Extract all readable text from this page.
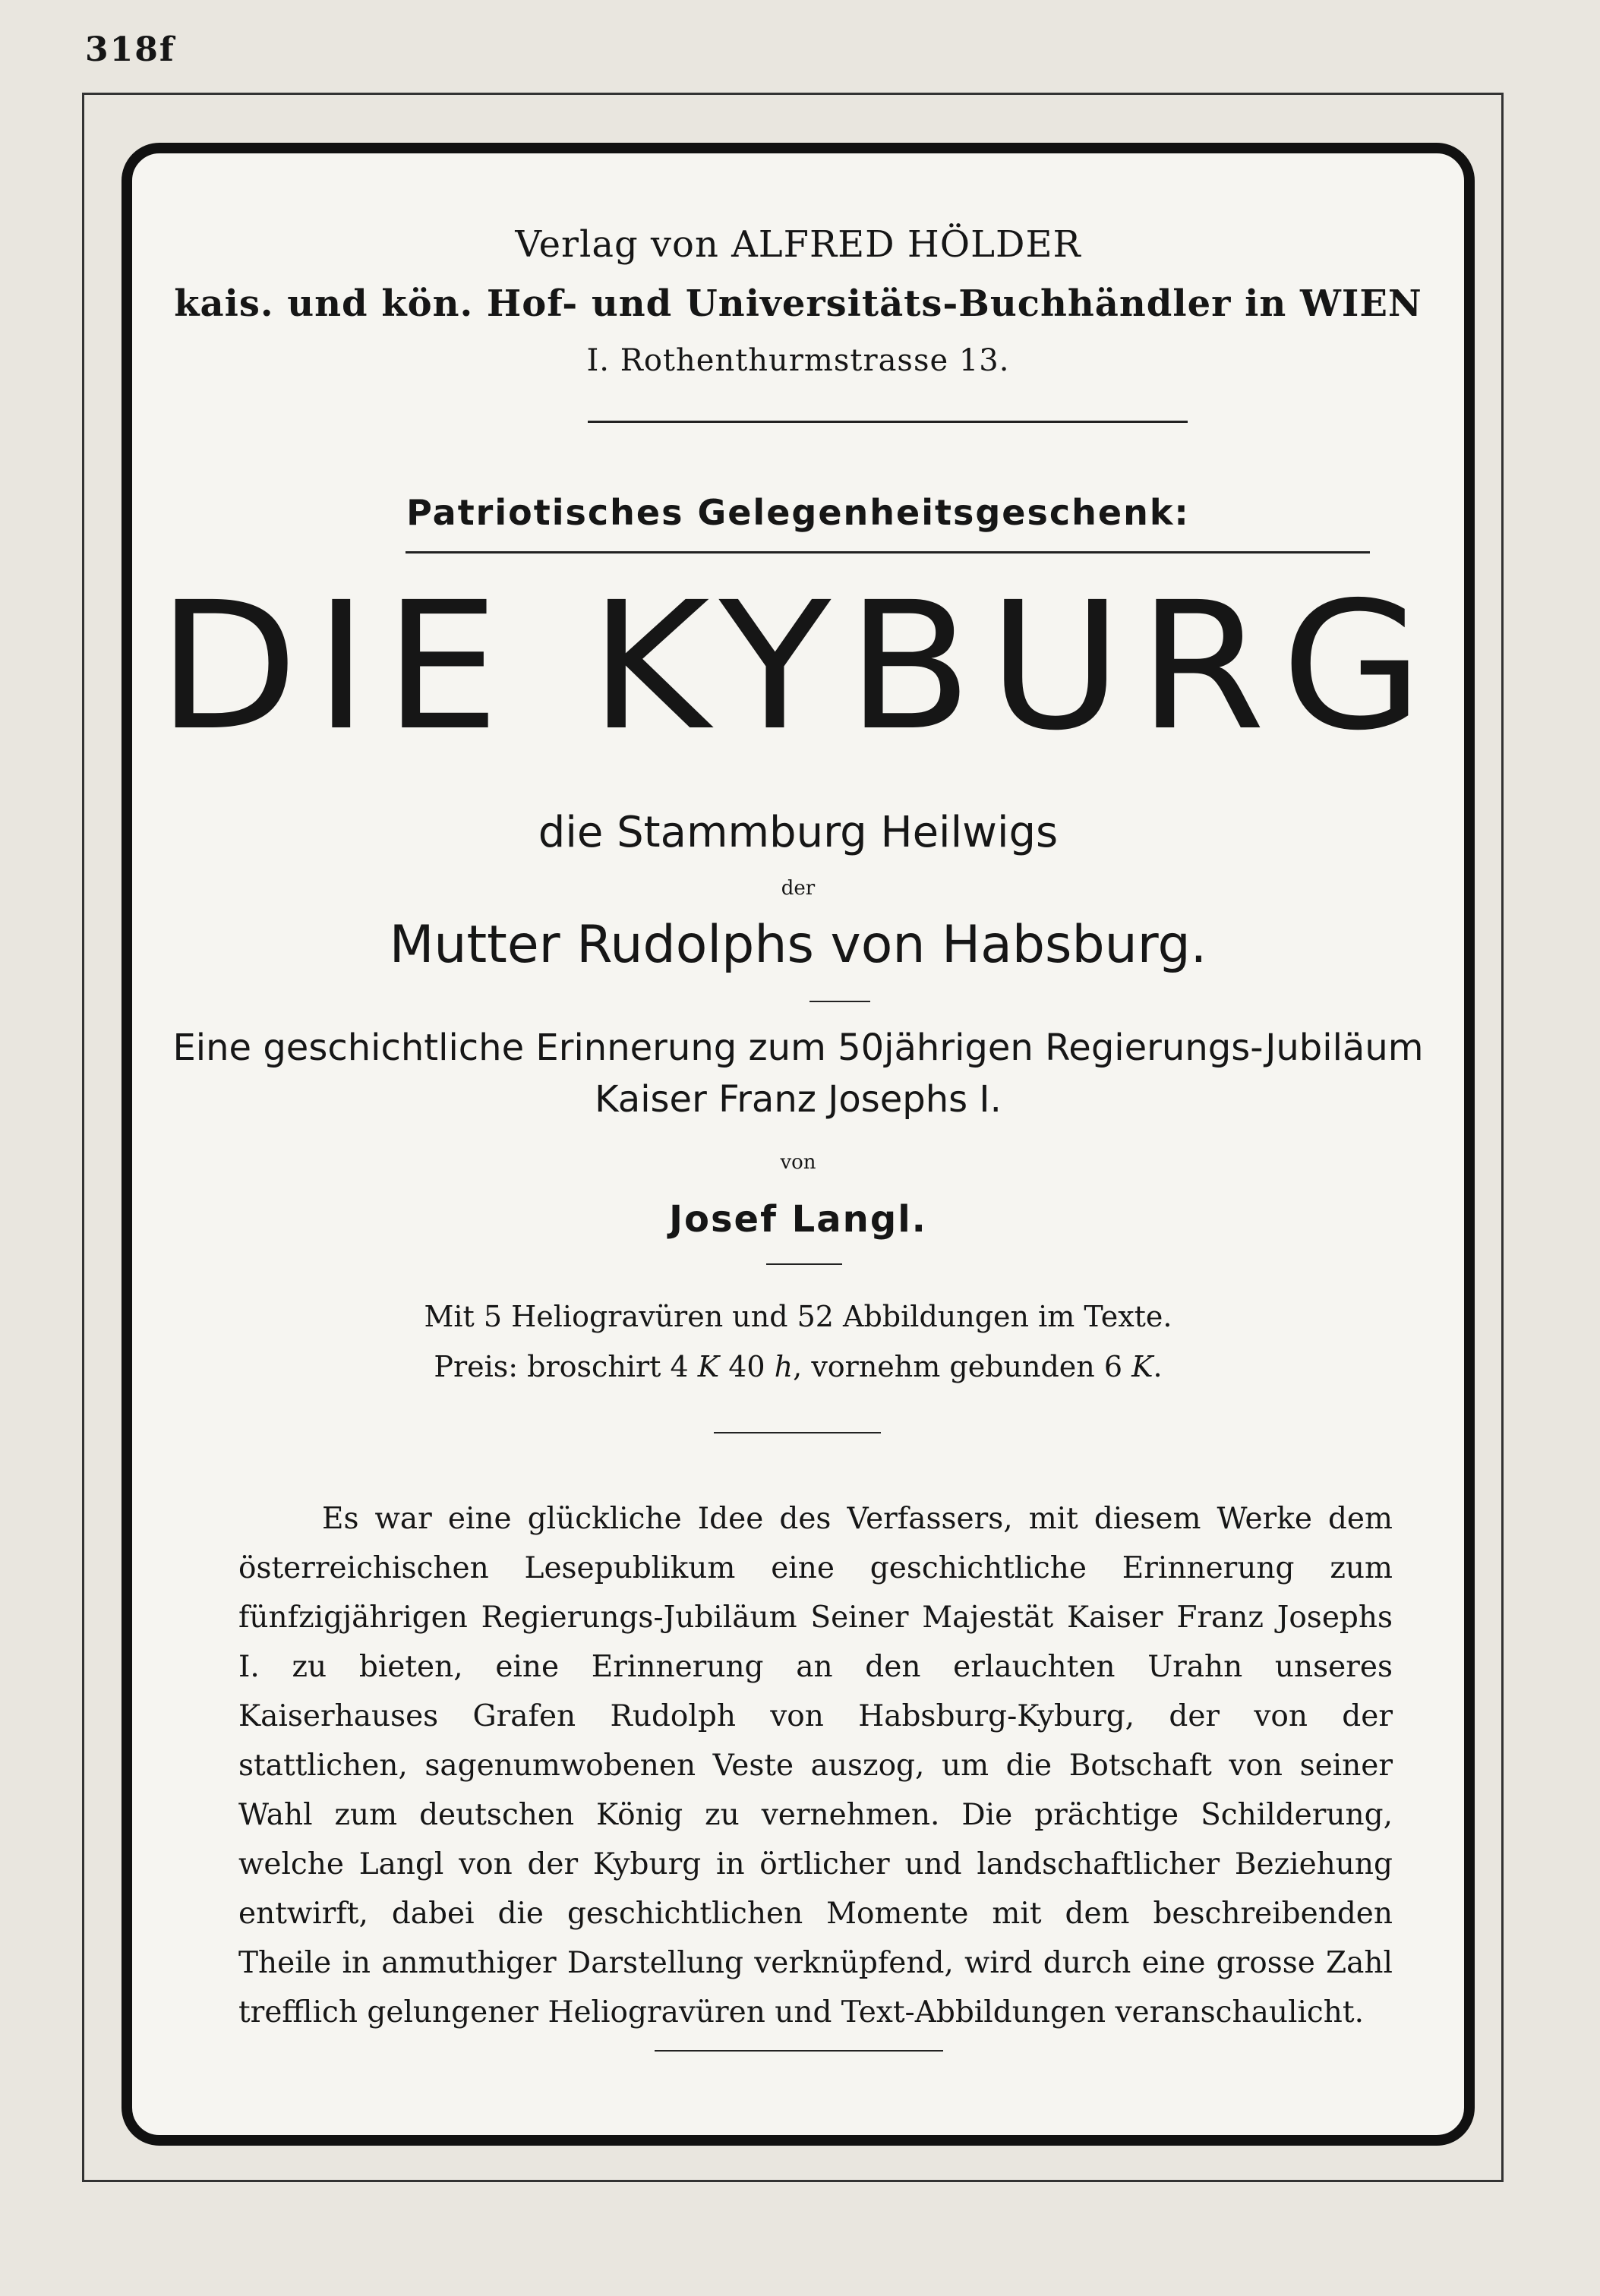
318f
Verlag von ALFRED HÖLDER
kais. und kön. Hof- und Universitäts-Buchhändler in WIEN
I. Rothenthurmstrasse 13.
Patriotisches Gelegenheitsgeschenk:
DIE KYBURG
die Stammburg Heilwigs
der
Mutter Rudolphs von Habsburg.
Eine geschichtliche Erinnerung zum 50jährigen Regierungs-Jubiläum
Kaiser Franz Josephs I.
von
Josef Langl.
Mit 5 Heliogravüren und 52 Abbildungen im Texte.
Preis: broschirt 4 K 40 h, vornehm gebunden 6 K.
Es war eine glückliche Idee des Verfassers, mit diesem Werke dem österreichischen Lesepublikum eine geschichtliche Erinnerung zum fünfzigjährigen Regierungs-Jubiläum Seiner Majestät Kaiser Franz Josephs I. zu bieten, eine Erinnerung an den erlauchten Urahn unseres Kaiserhauses Grafen Rudolph von Habsburg-Kyburg, der von der stattlichen, sagenumwobenen Veste auszog, um die Botschaft von seiner Wahl zum deutschen König zu vernehmen. Die prächtige Schilderung, welche Langl von der Kyburg in örtlicher und landschaftlicher Beziehung entwirft, dabei die geschichtlichen Momente mit dem beschreibenden Theile in anmuthiger Darstellung verknüpfend, wird durch eine grosse Zahl trefflich gelungener Heliogravüren und Text-Abbildungen veranschaulicht.
